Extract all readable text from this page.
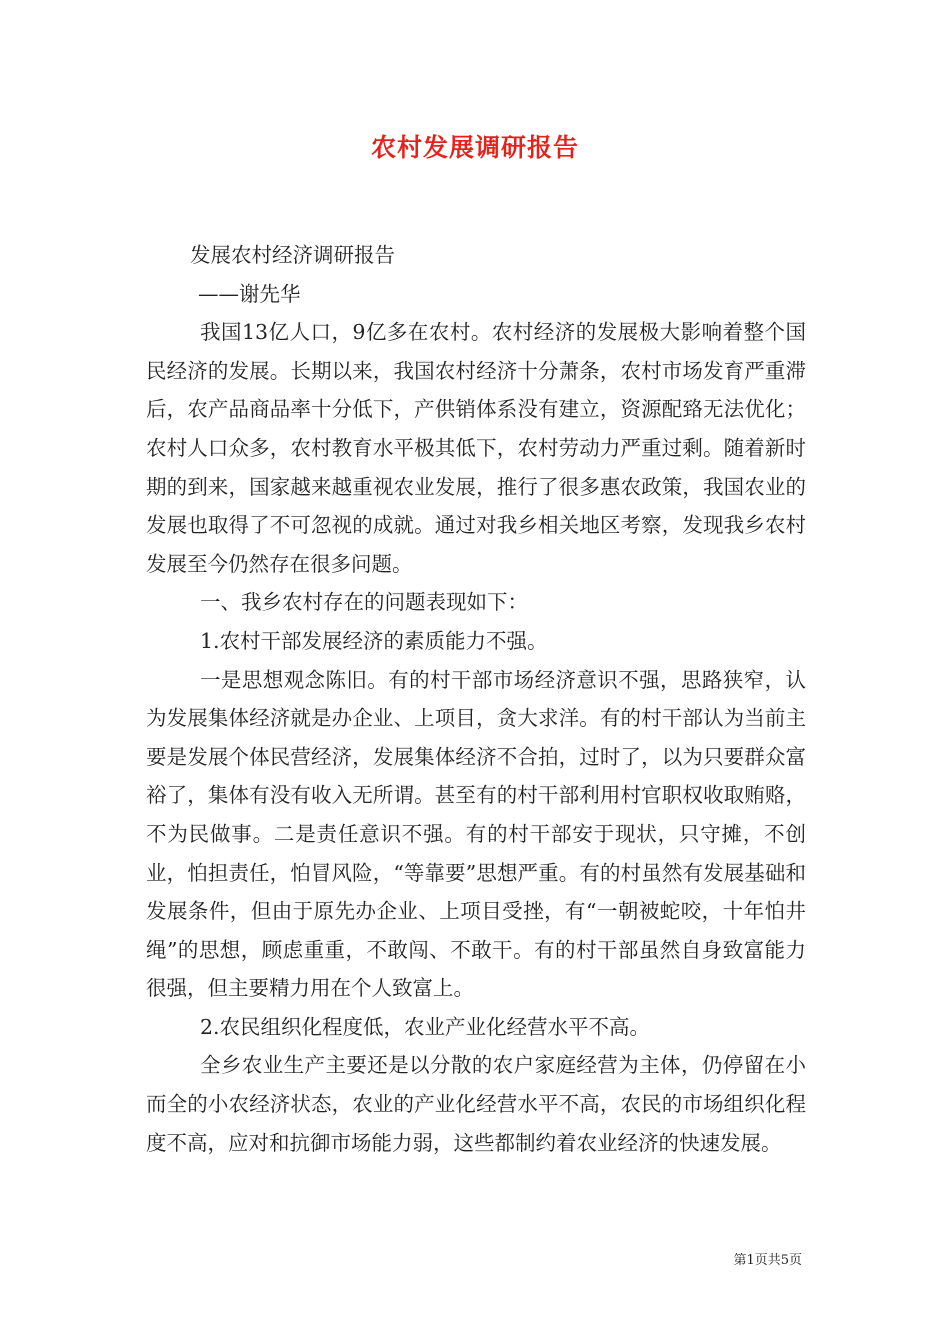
农村发展调研报告

发展农村经济调研报告

——谢先华

我国13亿人口，9亿多在农村。农村经济的发展极大影响着整个国民经济的发展。长期以来，我国农村经济十分萧条，农村市场发育严重滞后，农产品商品率十分低下，产供销体系没有建立，资源配臵无法优化；农村人口众多，农村教育水平极其低下，农村劳动力严重过剩。随着新时期的到来，国家越来越重视农业发展，推行了很多惠农政策，我国农业的发展也取得了不可忽视的成就。通过对我乡相关地区考察，发现我乡农村发展至今仍然存在很多问题。

一、我乡农村存在的问题表现如下：

1.农村干部发展经济的素质能力不强。

一是思想观念陈旧。有的村干部市场经济意识不强，思路狭窄，认为发展集体经济就是办企业、上项目，贪大求洋。有的村干部认为当前主要是发展个体民营经济，发展集体经济不合拍，过时了，以为只要群众富裕了，集体有没有收入无所谓。甚至有的村干部利用村官职权收取贿赂，不为民做事。二是责任意识不强。有的村干部安于现状，只守摊，不创业，怕担责任，怕冒风险，“等靠要”思想严重。有的村虽然有发展基础和发展条件，但由于原先办企业、上项目受挫，有“一朝被蛇咬，十年怕井绳”的思想，顾虑重重，不敢闯、不敢干。有的村干部虽然自身致富能力很强，但主要精力用在个人致富上。

2.农民组织化程度低，农业产业化经营水平不高。

全乡农业生产主要还是以分散的农户家庭经营为主体，仍停留在小而全的小农经济状态，农业的产业化经营水平不高，农民的市场组织化程度不高，应对和抗御市场能力弱，这些都制约着农业经济的快速发展。

第1页共5页
